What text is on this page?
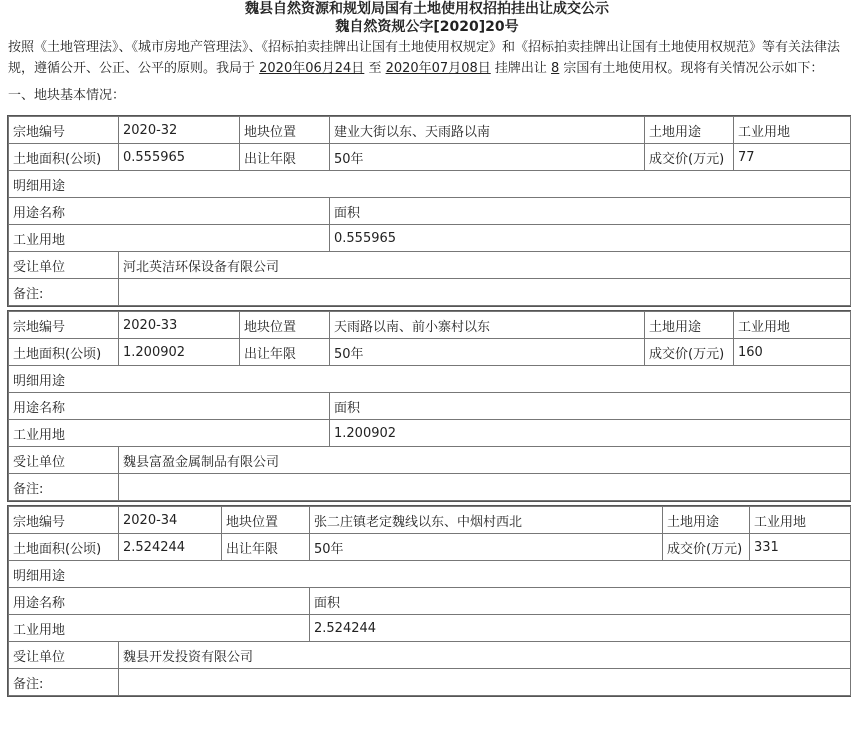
魏县自然资源和规划局国有土地使用权招拍挂出让成交公示
魏自然资规公字[2020]20号
按照《土地管理法》、《城市房地产管理法》、《招标拍卖挂牌出让国有土地使用权规定》和《招标拍卖挂牌出让国有土地使用权规范》等有关法律法规，遵循公开、公正、公平的原则。我局于 2020年06月24日 至 2020年07月08日 挂牌出让 8 宗国有土地使用权。现将有关情况公示如下：
一、地块基本情况：
宗地编号	2020-32	地块位置	建业大街以东、天雨路以南	土地用途	工业用地
土地面积(公顷)	0.555965	出让年限	50年	成交价(万元)	77
明细用途					
用途名称			面积		
工业用地			0.555965		
受让单位	河北英洁环保设备有限公司				
备注:					
宗地编号	2020-33	地块位置	天雨路以南、前小寨村以东	土地用途	工业用地
土地面积(公顷)	1.200902	出让年限	50年	成交价(万元)	160
明细用途					
用途名称			面积		
工业用地			1.200902		
受让单位	魏县富盈金属制品有限公司				
备注:					
宗地编号	2020-34	地块位置	张二庄镇老定魏线以东、中烟村西北	土地用途	工业用地
土地面积(公顷)	2.524244	出让年限	50年	成交价(万元)	331
明细用途					
用途名称			面积		
工业用地			2.524244		
受让单位	魏县开发投资有限公司				
备注:					
